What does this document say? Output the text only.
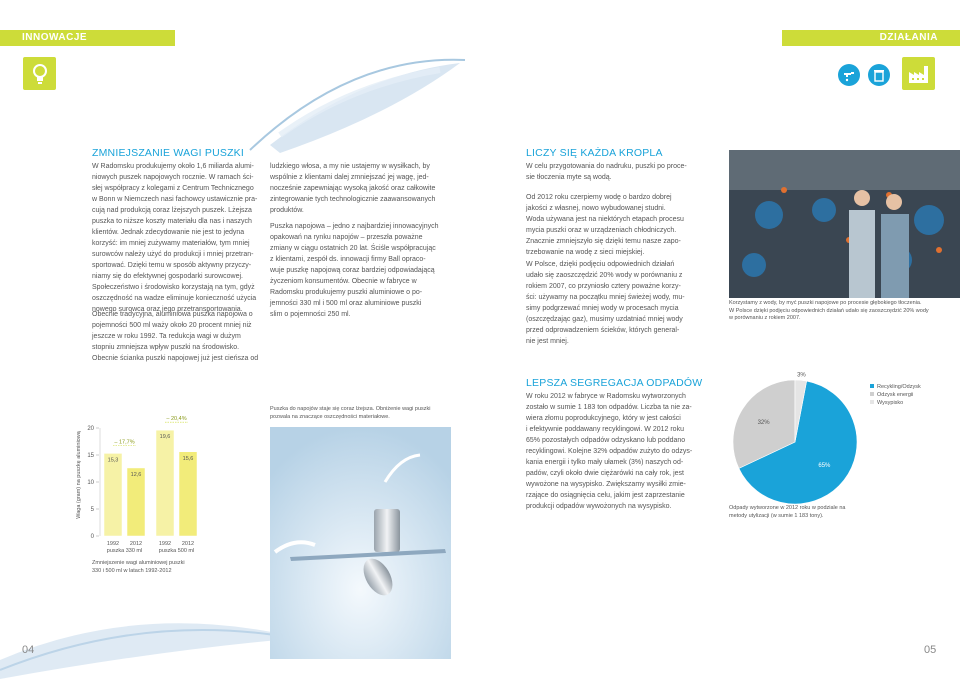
INNOWACJE	DZIAŁANIA
ZMNIEJSZANIE WAGI PUSZKI
W Radomsku produkujemy około 1,6 miliarda alumi-
niowych puszek napojowych rocznie. W ramach ści-
słej współpracy z kolegami z Centrum Technicznego
w Bonn w Niemczech nasi fachowcy ustawicznie pra-
cują nad produkcją coraz lżejszych puszek. Lżejsza
puszka to niższe koszty materiału dla nas i naszych
klientów. Jednak zdecydowanie nie jest to jedyna
korzyść: im mniej zużywamy materiałów, tym mniej
surowców należy użyć do produkcji i mniej przetran-
sportować. Dzięki temu w sposób aktywny przyczy-
niamy się do efektywnej gospodarki surowcowej.
Społeczeństwo i środowisko korzystają na tym, gdyż
oszczędność na wadze eliminuje konieczność użycia
nowego surowca oraz jego przetransportowania.
Obecnie tradycyjna, aluminiowa puszka napojowa o
pojemności 500 ml waży około 20 procent mniej niż
jeszcze w roku 1992. Ta redukcja wagi w dużym
stopniu zmniejsza wpływ puszki na środowisko.
Obecnie ścianka puszki napojowej już jest cieńsza od
ludzkiego włosa, a my nie ustajemy w wysiłkach, by
wspólnie z klientami dalej zmniejszać jej wagę, jed-
nocześnie zapewniając wysoką jakość oraz całkowite
zintegrowanie tych technologicznie zaawansowanych
produktów.
Puszka napojowa – jedno z najbardziej innowacyjnych
opakowań na rynku napojów – przeszła poważne
zmiany w ciągu ostatnich 20 lat. Ściśle współpracując
z klientami, zespół ds. innowacji firmy Ball opraco-
wuje puszkę napojową coraz bardziej odpowiadającą
życzeniom konsumentów. Obecnie w fabryce w
Radomsku produkujemy puszki aluminiowe o po-
jemności 330 ml i 500 ml oraz aluminiowe puszki
slim o pojemności 250 ml.
LICZY SIĘ KAŻDA KROPLA
W celu przygotowania do nadruku, puszki po proce-
sie tłoczenia myte są wodą.
Od 2012 roku czerpiemy wodę o bardzo dobrej
jakości z własnej, nowo wybudowanej studni.
Woda używana jest na niektórych etapach procesu
mycia puszki oraz w urządzeniach chłodniczych.
Znacznie zmniejszyło się dzięki temu nasze zapo-
trzebowanie na wodę z sieci miejskiej.
W Polsce, dzięki podjęciu odpowiednich działań
udało się zaoszczędzić 20% wody w porównaniu z
rokiem 2007, co przyniosło cztery poważne korzy-
ści: używamy na początku mniej świeżej wody, mu-
simy podgrzewać mniej wody w procesach mycia
(oszczędzając gaz), musimy uzdatniać mniej wody
przed odprowadzeniem ścieków, których general-
nie jest mniej.
Korzystamy z wody, by myć puszki napojowe po procesie głębokiego tłoczenia.
W Polsce dzięki podjęciu odpowiednich działań udało się zaoszczędzić 20% wody
w porównaniu z rokiem 2007.
Puszka do napojów staje się coraz lżejsza. Obniżenie wagi puszki
pozwala na znaczące oszczędności materiałowe.
Waga (gram) na puszkę aluminiową
0
5
10
15
20
15,3
1992
12,6
2012
19,6
1992
15,6
2012
puszka 330 ml
– 17,7%
puszka 500 ml
– 20,4%
Zmniejszenie wagi aluminiowej puszki
330 i 500 ml w latach 1992-2012
LEPSZA SEGREGACJA ODPADÓW
W roku 2012 w fabryce w Radomsku wytworzonych
zostało w sumie 1 183 ton odpadów. Liczba ta nie za-
wiera złomu poprodukcyjnego, który w jest całości
i efektywnie poddawany recyklingowi. W 2012 roku
65% pozostałych odpadów odzyskano lub poddano
recyklingowi. Kolejne 32% odpadów zużyto do odzys-
kania energii i tylko mały ułamek (3%) naszych od-
padów, czyli około dwie ciężarówki na cały rok, jest
wywożone na wysypisko. Zwiększamy wysiłki zmie-
rzające do osiągnięcia celu, jakim jest zaprzestanie
produkcji odpadów wywożonych na wysypisko.
65%
32%
3%
Recykling/Odzysk
Odzysk energii
Wysypisko
Odpady wytworzone w 2012 roku w podziale na
metody utylizacji (w sumie 1 183 tony).
04	05
